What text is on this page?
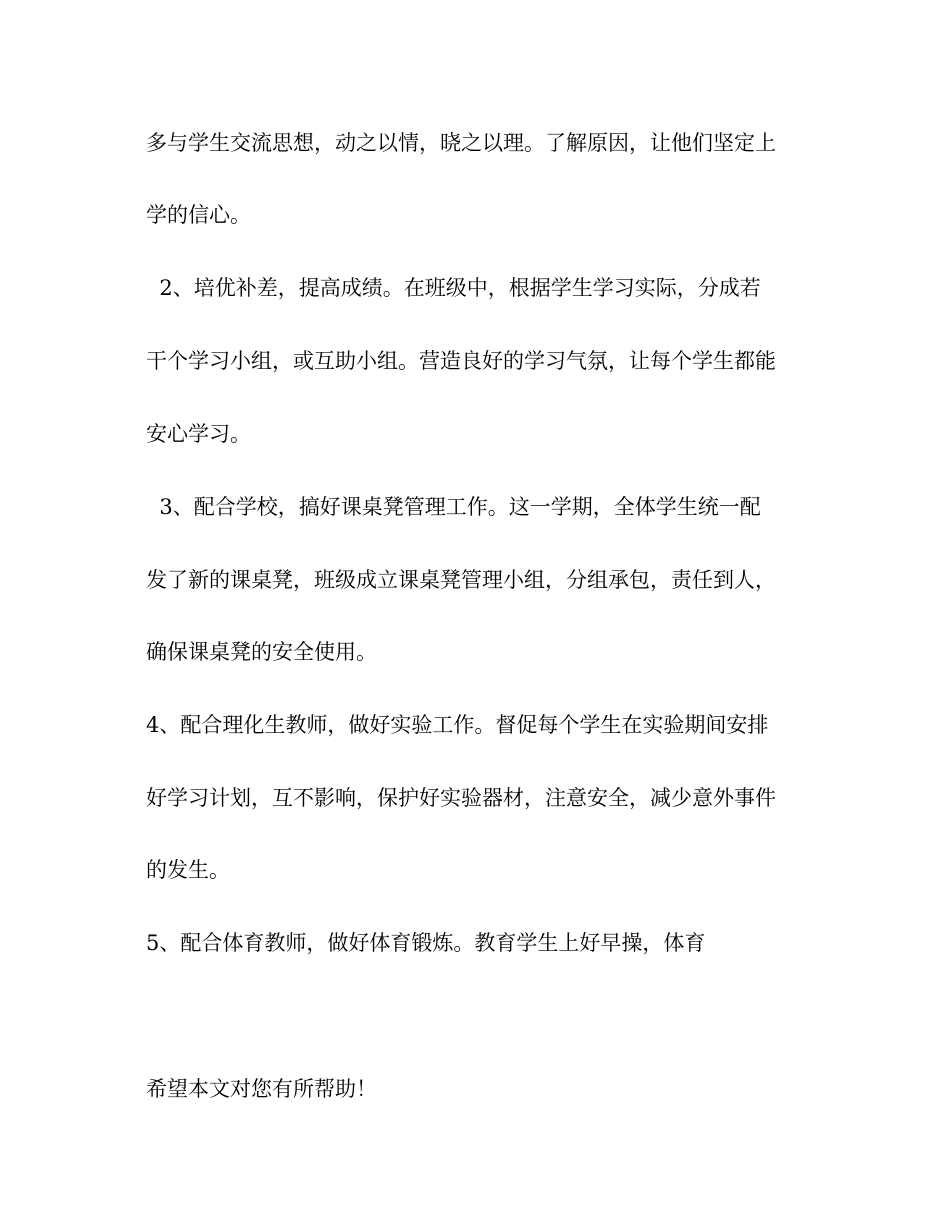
多与学生交流思想，动之以情，晓之以理。了解原因，让他们坚定上
学的信心。
2、培优补差，提高成绩。在班级中，根据学生学习实际，分成若
干个学习小组，或互助小组。营造良好的学习气氛，让每个学生都能
安心学习。
3、配合学校，搞好课桌凳管理工作。这一学期，全体学生统一配
发了新的课桌凳，班级成立课桌凳管理小组，分组承包，责任到人，
确保课桌凳的安全使用。
4、配合理化生教师，做好实验工作。督促每个学生在实验期间安排
好学习计划，互不影响，保护好实验器材，注意安全，减少意外事件
的发生。
5、配合体育教师，做好体育锻炼。教育学生上好早操，体育
希望本文对您有所帮助！
